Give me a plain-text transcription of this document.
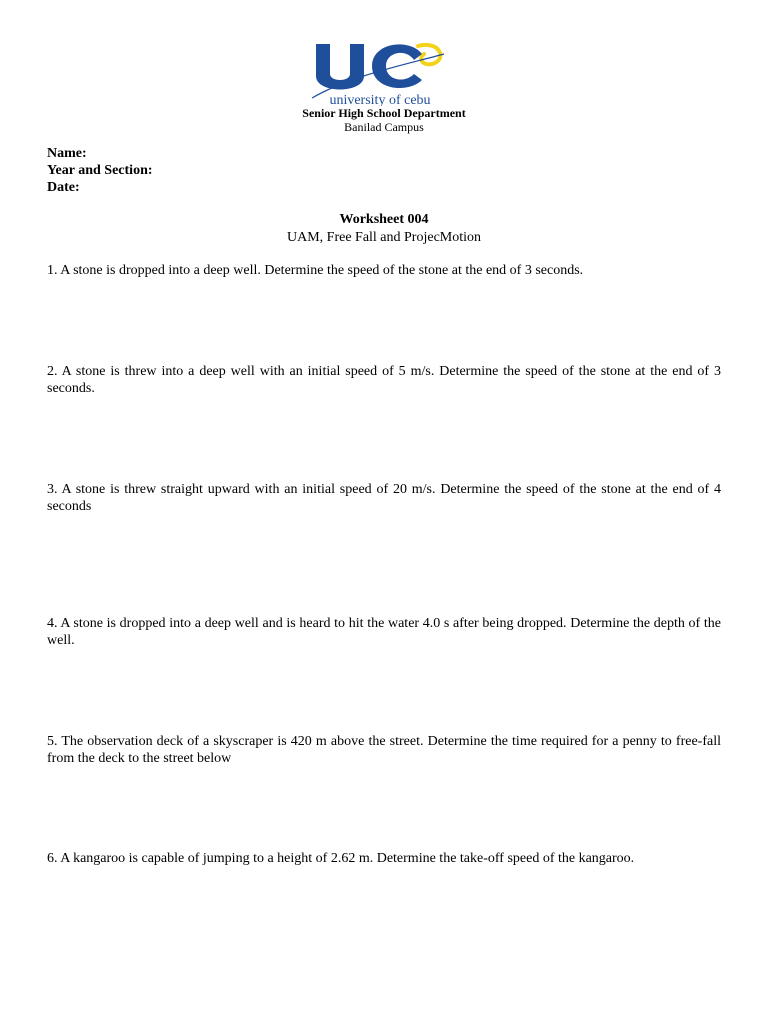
university of cebu
Senior High School Department
Banilad Campus
Name:
Year and Section:
Date:
Worksheet 004
UAM, Free Fall and ProjecMotion
1. A stone is dropped into a deep well. Determine the speed of the stone at the end of 3 seconds.
2. A stone is threw into a deep well with an initial speed of 5 m/s. Determine the speed of the stone at the end of 3 seconds.
3. A stone is threw straight upward with an initial speed of 20 m/s. Determine the speed of the stone at the end of 4 seconds
4. A stone is dropped into a deep well and is heard to hit the water 4.0 s after being dropped. Determine the depth of the well.
5. The observation deck of a skyscraper is 420 m above the street. Determine the time required for a penny to free-fall from the deck to the street below
6. A kangaroo is capable of jumping to a height of 2.62 m. Determine the take-off speed of the kangaroo.
